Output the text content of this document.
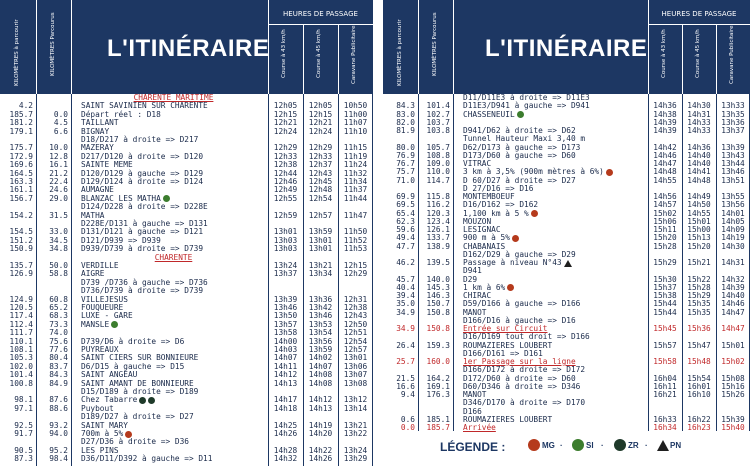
L'ITINÉRAIRE
HEURES DE PASSAGE
KILOMÈTRES à parcourir	KILOMÈTRES Parcourus	Course à 43 km/h	Course à 45 km/h	Caravane Publicitaire
CHARENTE MARITIME
4.2	SAINT SAVINIEN SUR CHARENTE	12h05	12h05	10h50
185.7	0.0 Départ réel : D18	12h15	12h15	11h00
181.2	4.5 TAILLANT	12h21	12h21	11h07
179.1	6.6 BIGNAY	12h24	12h24	11h10
D18/D217 à droite => D217
175.7	10.0 MAZERAY	12h29	12h29	11h15
172.9	12.8 D217/D120 à droite => D120	12h33	12h33	11h19
169.6	16.1 SAINTE MEME	12h38	12h37	11h24
164.5	21.2 D120/D129 à gauche => D129	12h44	12h43	11h32
163.3	22.4 D129/D124 à droite => D124	12h46	12h45	11h34
161.1	24.6 AUMAGNE	12h49	12h48	11h37
156.7	29.0 BLANZAC LES MATHA	12h55	12h54	11h44
D124/D228 à droite => D228E
154.2	31.5 MATHA	12h59	12h57	11h47
D228E/D131 à gauche => D131
154.5	33.0 D131/D121 à gauche => D121	13h01	13h59	11h50
151.2	34.5 D121/D939 => D939	13h03	13h01	11h52
150.9	34.8 D939/D739 à droite => D739	13h03	13h01	11h53
CHARENTE
135.7	50.0 VERDILLE	13h24	13h21	12h15
126.9	58.8 AIGRE	13h37	13h34	12h29
D739 /D736 à gauche => D736
D736/D739 à droite => D739
124.9	60.8 VILLEJESUS	13h39	13h36	12h31
120.5	65.2 FOUQUEURE	13h46	13h42	12h38
117.4	68.3 LUXE - GARE	13h50	13h46	12h43
112.4	73.3 MANSLE	13h57	13h53	12h50
111.7	74.0	13h58	13h54	12h51
110.1	75.6 D739/D6 à droite => D6	14h00	13h56	12h54
108.1	77.6 PUYREAUX	14h03	13h59	12h57
105.3	80.4 SAINT CIERS SUR BONNIEURE	14h07	14h02	13h01
102.0	83.7 D6/D15 à gauche => D15	14h11	14h07	13h06
101.4	84.3 SAINT ANGEAU	14h12	14h08	13h07
100.8	84.9 SAINT AMANT DE BONNIEURE	14h13	14h08	13h08
D15/D189 à droite => D189
98.1	87.6 Chez Tabarre	14h17	14h12	13h12
97.1	88.6 Puybout	14h18	14h13	13h14
D189/D27 à droite => D27
92.5	93.2 SAINT MARY	14h25	14h19	13h21
91.7	94.0 700m à 5%	14h26	14h20	13h22
D27/D36 à droite => D36
90.5	95.2 LES PINS	14h28	14h22	13h24
87.3	98.4 D36/D11/D392 à gauche => D11	14h32	14h26	13h29
L'ITINÉRAIRE
HEURES DE PASSAGE
KILOMÈTRES à parcourir	KILOMÈTRES Parcourus	Course à 43 km/h	Course à 45 km/h	Caravane Publicitaire
D11/D11E3 à droite => D11E3
84.3	101.4 D11E3/D941 à gauche => D941	14h36	14h30	13h33
83.0	102.7 CHASSENEUIL	14h38	14h31	13h35
82.0	103.7	14h39	14h33	13h36
81.9	103.8 D941/D62 à droite => D62	14h39	14h33	13h37
Tunnel Hauteur Maxi 3,40 m
80.0	105.7 D62/D173 à gauche => D173	14h42	14h36	13h39
76.9	108.8 D173/D60 à gauche => D60	14h46	14h40	13h43
76.7	109.0 VITRAC	14h47	14h40	13h44
75.7	110.0 3 km à 3,5% (900m mètres à 6%)	14h48	14h41	13h46
71.0	114.7 D 60/D27 à droite => D27	14h55	14h48	13h51
D 27/D16 => D16
69.9	115.8 MONTEMBOEUF	14h56	14h49	13h55
69.5	116.2 D16/D162 => D162	14h57	14h50	13h56
65.4	120.3 1,100 km à 5 %	15h02	14h55	14h01
62.3	123.4 MOUZON	15h06	15h01	14h05
59.6	126.1 LESIGNAC	15h11	15h00	14h09
49.4	133.7 900 m à 5%	15h20	15h13	14h19
47.7	138.9 CHABANAIS	15h28	15h20	14h30
D162/D29 à gauche => D29
46.2	139.5 Passage à niveau N°43	15h29	15h21	14h31
D941
45.7	140.0 D29	15h30	15h22	14h32
40.4	145.3 1 km à 6%	15h37	15h28	14h39
39.4	146.3 CHIRAC	15h38	15h29	14h40
35.0	150.7 D59/D166 à gauche => D166	15h44	15h35	14h46
34.9	150.8 MANOT	15h44	15h35	14h47
D166/D16 à gauche => D16
34.9	150.8 Entrée sur Circuit	15h45	15h36	14h47
D16/D169 tout droit => D166
26.4	159.3 ROUMAZIERES LOUBERT	15h57	15h47	15h01
D166/D161 => D161
25.7	160.0 1er Passage sur la ligne	15h58	15h48	15h02
D166/D172 à droite => D172
21.5	164.2 D172/D60 à droite => D60	16h04	15h54	15h08
16.6	169.1 D60/D346 à droite => D346	16h11	16h01	15h16
9.4	176.3 MANOT	16h21	16h10	15h26
D346/D170 à droite => D170
D166
0.6	185.1 ROUMAZIERES LOUBERT	16h33	16h22	15h39
0.0	185.7 Arrivée	16h34	16h23	15h40
LÉGENDE :	MG ·	SI ·	ZR ·	PN
